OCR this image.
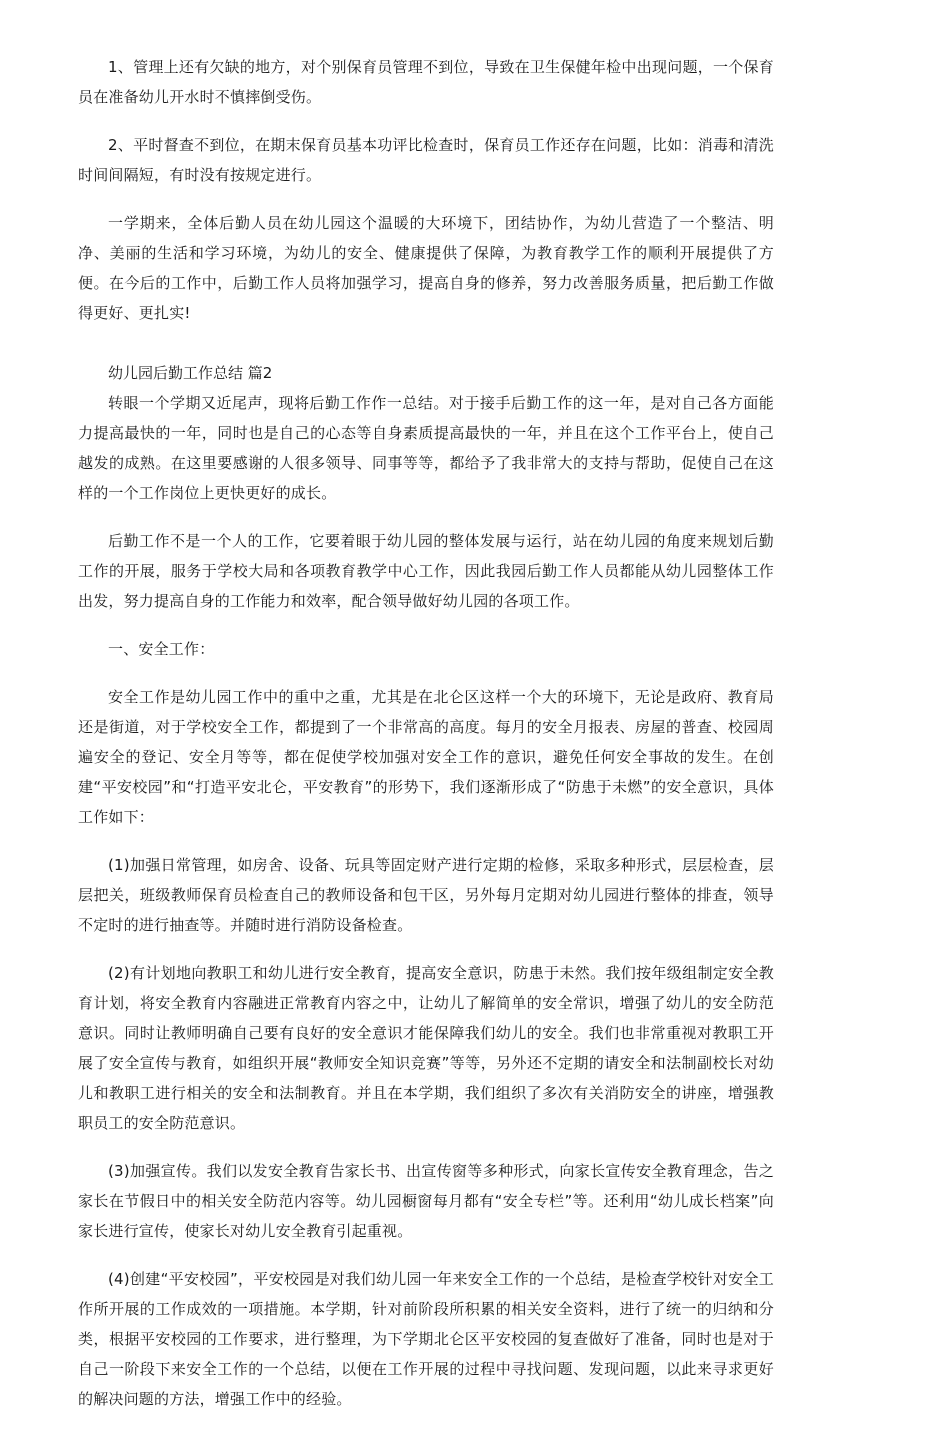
1、管理上还有欠缺的地方，对个别保育员管理不到位，导致在卫生保健年检中出现问题，一个保育员在准备幼儿开水时不慎摔倒受伤。

2、平时督查不到位，在期末保育员基本功评比检查时，保育员工作还存在问题，比如：消毒和清洗时间间隔短，有时没有按规定进行。

一学期来，全体后勤人员在幼儿园这个温暖的大环境下，团结协作，为幼儿营造了一个整洁、明净、美丽的生活和学习环境，为幼儿的安全、健康提供了保障，为教育教学工作的顺利开展提供了方便。在今后的工作中，后勤工作人员将加强学习，提高自身的修养，努力改善服务质量，把后勤工作做得更好、更扎实!

幼儿园后勤工作总结 篇2

转眼一个学期又近尾声，现将后勤工作作一总结。对于接手后勤工作的这一年，是对自己各方面能力提高最快的一年，同时也是自己的心态等自身素质提高最快的一年，并且在这个工作平台上，使自己越发的成熟。在这里要感谢的人很多领导、同事等等，都给予了我非常大的支持与帮助，促使自己在这样的一个工作岗位上更快更好的成长。

后勤工作不是一个人的工作，它要着眼于幼儿园的整体发展与运行，站在幼儿园的角度来规划后勤工作的开展，服务于学校大局和各项教育教学中心工作，因此我园后勤工作人员都能从幼儿园整体工作出发，努力提高自身的工作能力和效率，配合领导做好幼儿园的各项工作。

一、安全工作：

安全工作是幼儿园工作中的重中之重，尤其是在北仑区这样一个大的环境下，无论是政府、教育局还是街道，对于学校安全工作，都提到了一个非常高的高度。每月的安全月报表、房屋的普查、校园周遍安全的登记、安全月等等，都在促使学校加强对安全工作的意识，避免任何安全事故的发生。在创建“平安校园”和“打造平安北仑，平安教育”的形势下，我们逐渐形成了“防患于未燃”的安全意识，具体工作如下：

(1)加强日常管理，如房舍、设备、玩具等固定财产进行定期的检修，采取多种形式，层层检查，层层把关，班级教师保育员检查自己的教师设备和包干区，另外每月定期对幼儿园进行整体的排查，领导不定时的进行抽查等。并随时进行消防设备检查。

(2)有计划地向教职工和幼儿进行安全教育，提高安全意识，防患于未然。我们按年级组制定安全教育计划，将安全教育内容融进正常教育内容之中，让幼儿了解简单的安全常识，增强了幼儿的安全防范意识。同时让教师明确自己要有良好的安全意识才能保障我们幼儿的安全。我们也非常重视对教职工开展了安全宣传与教育，如组织开展“教师安全知识竞赛”等等，另外还不定期的请安全和法制副校长对幼儿和教职工进行相关的安全和法制教育。并且在本学期，我们组织了多次有关消防安全的讲座，增强教职员工的安全防范意识。

(3)加强宣传。我们以发安全教育告家长书、出宣传窗等多种形式，向家长宣传安全教育理念，告之家长在节假日中的相关安全防范内容等。幼儿园橱窗每月都有“安全专栏”等。还利用“幼儿成长档案”向家长进行宣传，使家长对幼儿安全教育引起重视。

(4)创建“平安校园”，平安校园是对我们幼儿园一年来安全工作的一个总结，是检查学校针对安全工作所开展的工作成效的一项措施。本学期，针对前阶段所积累的相关安全资料，进行了统一的归纳和分类，根据平安校园的工作要求，进行整理，为下学期北仑区平安校园的复查做好了准备，同时也是对于自己一阶段下来安全工作的一个总结，以便在工作开展的过程中寻找问题、发现问题，以此来寻求更好的解决问题的方法，增强工作中的经验。
